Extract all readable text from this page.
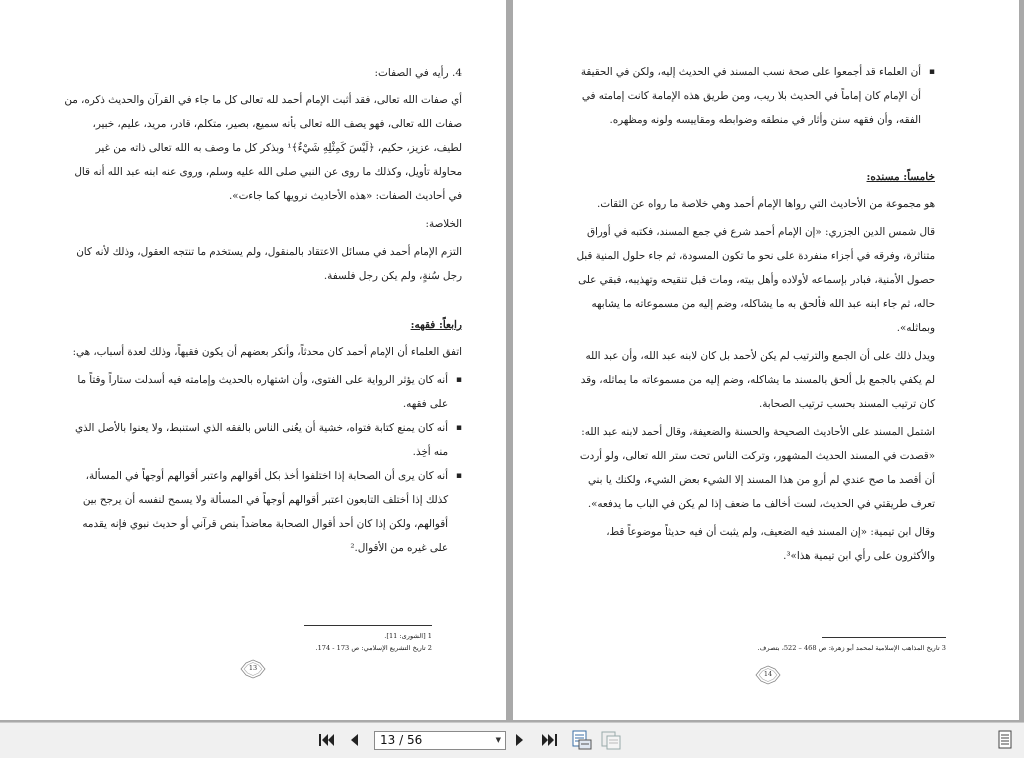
4. رأيه في الصفات:

أي صفات الله تعالى، فقد أثبت الإمام أحمد لله تعالى كل ما جاء في القرآن والحديث ذكره، من صفات الله تعالى، فهو يصف الله تعالى بأنه سميع، بصير، متكلم، قادر، مريد، عليم، خبير، لطيف، عزيز، حكيم، ﴿لَيْسَ كَمِثْلِهِ شَيْءٌ﴾¹ وبذكر كل ما وصف به الله تعالى ذاته من غير محاولة تأويل، وكذلك ما روى عن النبي صلى الله عليه وسلم، وروى عنه ابنه عبد الله أنه قال في أحاديث الصفات: «هذه الأحاديث نرويها كما جاءت».

الخلاصة:

التزم الإمام أحمد في مسائل الاعتقاد بالمنقول، ولم يستخدم ما تنتجه العقول، وذلك لأنه كان رجل سُنةٍ، ولم يكن رجل فلسفة.

رابعاً: فقهه:

اتفق العلماء أن الإمام أحمد كان محدثاً، وأنكر بعضهم أن يكون فقيهاً، وذلك لعدة أسباب، هي:

▪ أنه كان يؤثر الرواية على الفتوى، وأن اشتهاره بالحديث وإمامته فيه أسدلت ستاراً وقتاً ما على فقهه.
▪ أنه كان يمنع كتابة فتواه، خشية أن يعُنى الناس بالفقه الذي استنبط، ولا يعنوا بالأصل الذي منه أخِذ.
▪ أنه كان يرى أن الصحابة إذا اختلفوا أخذ بكل أقوالهم واعتبر أقوالهم أوجهاً في المسألة، كذلك إذا أختلف التابعون اعتبر أقوالهم أوجهاً في المسألة ولا يسمح لنفسه أن يرجح بين أقوالهم، ولكن إذا كان أحد أقوال الصحابة معاضداً بنص قرآني أو حديث نبوي فإنه يقدمه على غيره من الأقوال.²
1 [الشورى: 11].
2 تاريخ التشريع الإسلامي: ص 173 - 174.
13
▪ أن العلماء قد أجمعوا على صحة نسب المسند في الحديث إليه، ولكن في الحقيقة أن الإمام كان إماماً في الحديث بلا ريب، ومن طريق هذه الإمامة كانت إمامته في الفقه، وأن فقهه سنن وأثار في منطقه وضوابطه ومقاييسه ولونه ومظهره.

خامساً: مسنده:

هو مجموعة من الأحاديث التي رواها الإمام أحمد وهي خلاصة ما رواه عن الثقات.

قال شمس الدين الجزري: «إن الإمام أحمد شرع في جمع المسند، فكتبه في أوراق متناثرة، وفرقه في أجزاء منفردة على نحو ما تكون المسودة، ثم جاء حلول المنية قبل حصول الأمنية، فبادر بإسماعه لأولاده وأهل بيته، ومات قبل تنقيحه وتهذيبه، فبقي على حاله، ثم جاء ابنه عبد الله فألحق به ما يشاكله، وضم إليه من مسموعاته ما يشابهه وبماثله».

ويدل ذلك على أن الجمع والترتيب لم يكن لأحمد بل كان لابنه عبد الله، وأن عبد الله لم يكفي بالجمع بل ألحق بالمسند ما يشاكله، وضم إليه من مسموعاته ما يماثله، وقد كان ترتيب المسند بحسب ترتيب الصحابة.

اشتمل المسند على الأحاديث الصحيحة والحسنة والضعيفة، وقال أحمد لابنه عبد الله: «قصدت في المسند الحديث المشهور، وتركت الناس تحت ستر الله تعالى، ولو أردت أن أقصد ما صح عندي لم أروِ من هذا المسند إلا الشيء بعض الشيء، ولكنك يا بني تعرف طريقتي في الحديث، لست أخالف ما ضعف إذا لم يكن في الباب ما يدفعه».

وقال ابن تيمية: «إن المسند فيه الضعيف، ولم يثبت أن فيه حديثاً موضوعاً قط، والأكثرون على رأي ابن تيمية هذا»³.

3 تاريخ المذاهب الإسلامية لمحمد أبو زهرة: ص 468 – 522، بتصرف.
14
13 / 56	▼
